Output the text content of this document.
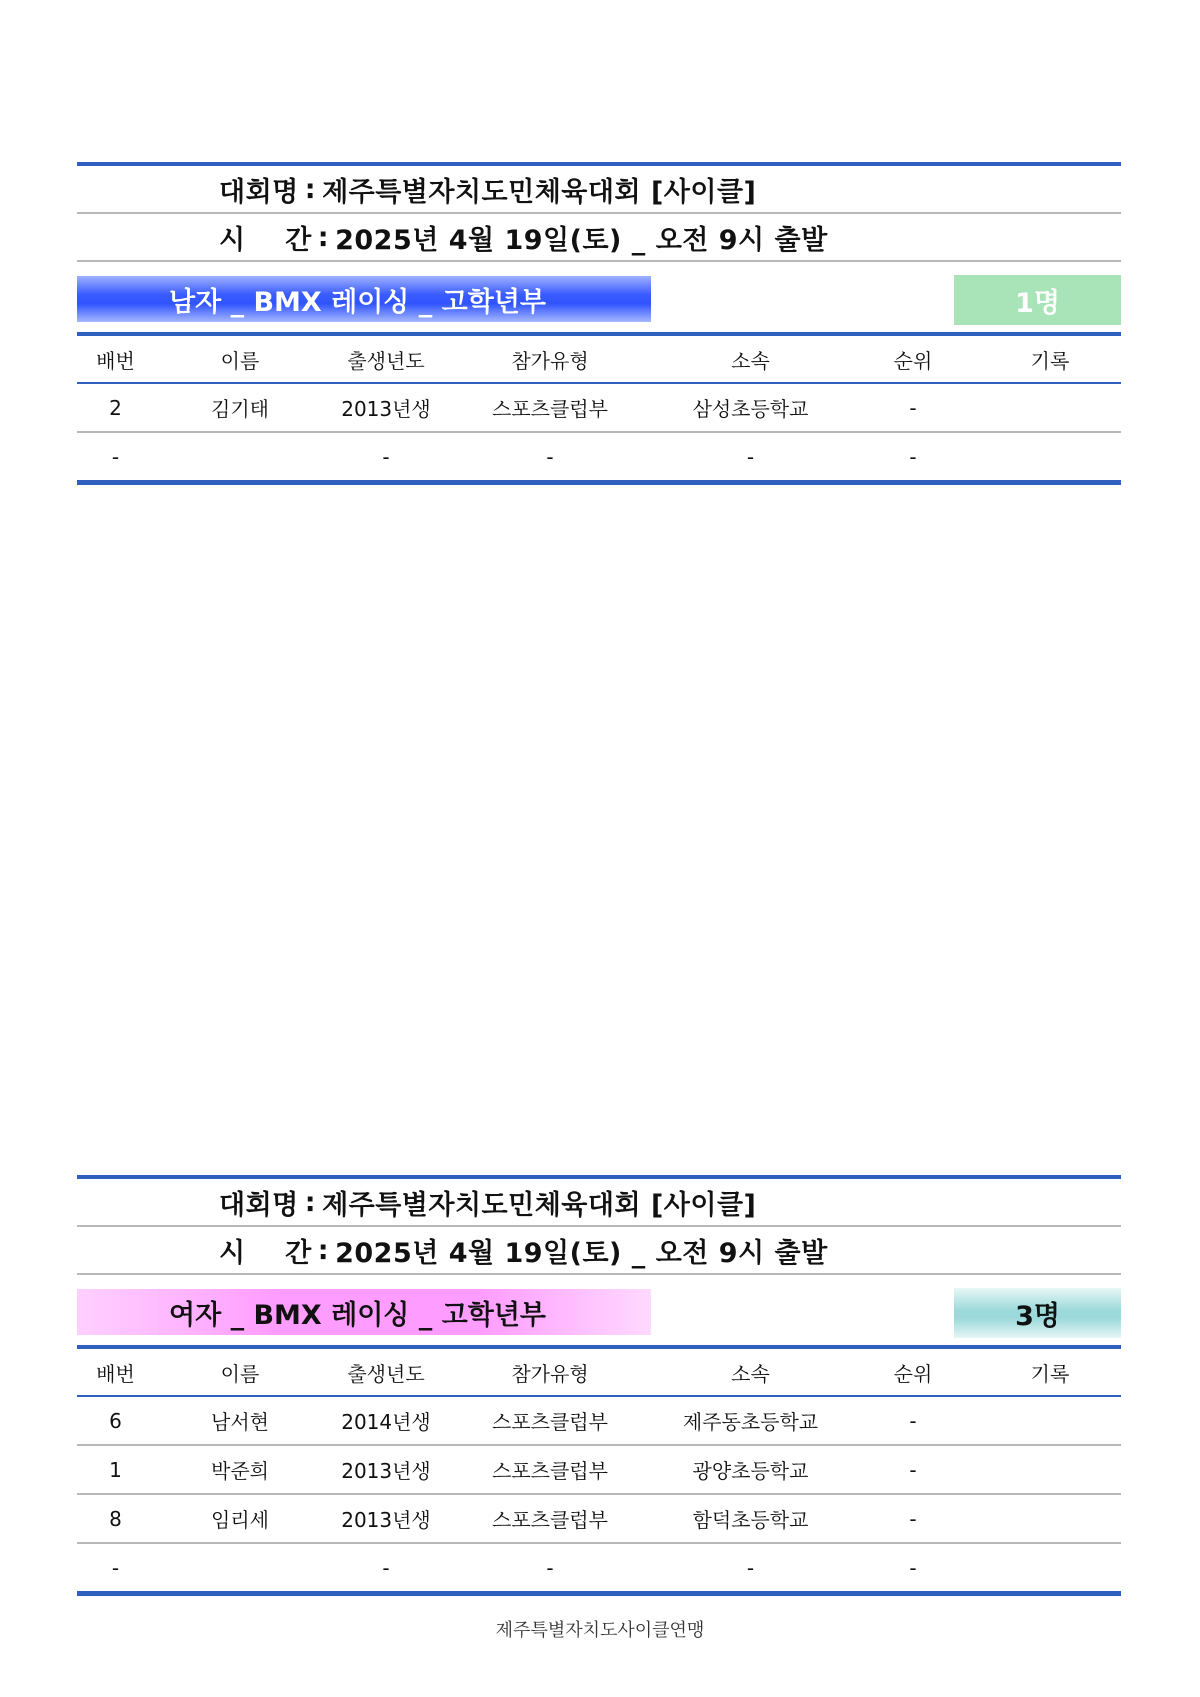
대회명 : 제주특별자치도민체육대회 [사이클]
시    간 : 2025년 4월 19일(토) _ 오전 9시 출발
남자 _ BMX 레이싱 _ 고학년부	1명
배번	이름	출생년도	참가유형	소속	순위	기록
2	김기태	2013년생	스포츠클럽부	삼성초등학교	-	
-		-	-	-	-	
대회명 : 제주특별자치도민체육대회 [사이클]
시    간 : 2025년 4월 19일(토) _ 오전 9시 출발
여자 _ BMX 레이싱 _ 고학년부	3명
배번	이름	출생년도	참가유형	소속	순위	기록
6	남서현	2014년생	스포츠클럽부	제주동초등학교	-	
1	박준희	2013년생	스포츠클럽부	광양초등학교	-	
8	임리세	2013년생	스포츠클럽부	함덕초등학교	-	
-		-	-	-	-	
제주특별자치도사이클연맹
